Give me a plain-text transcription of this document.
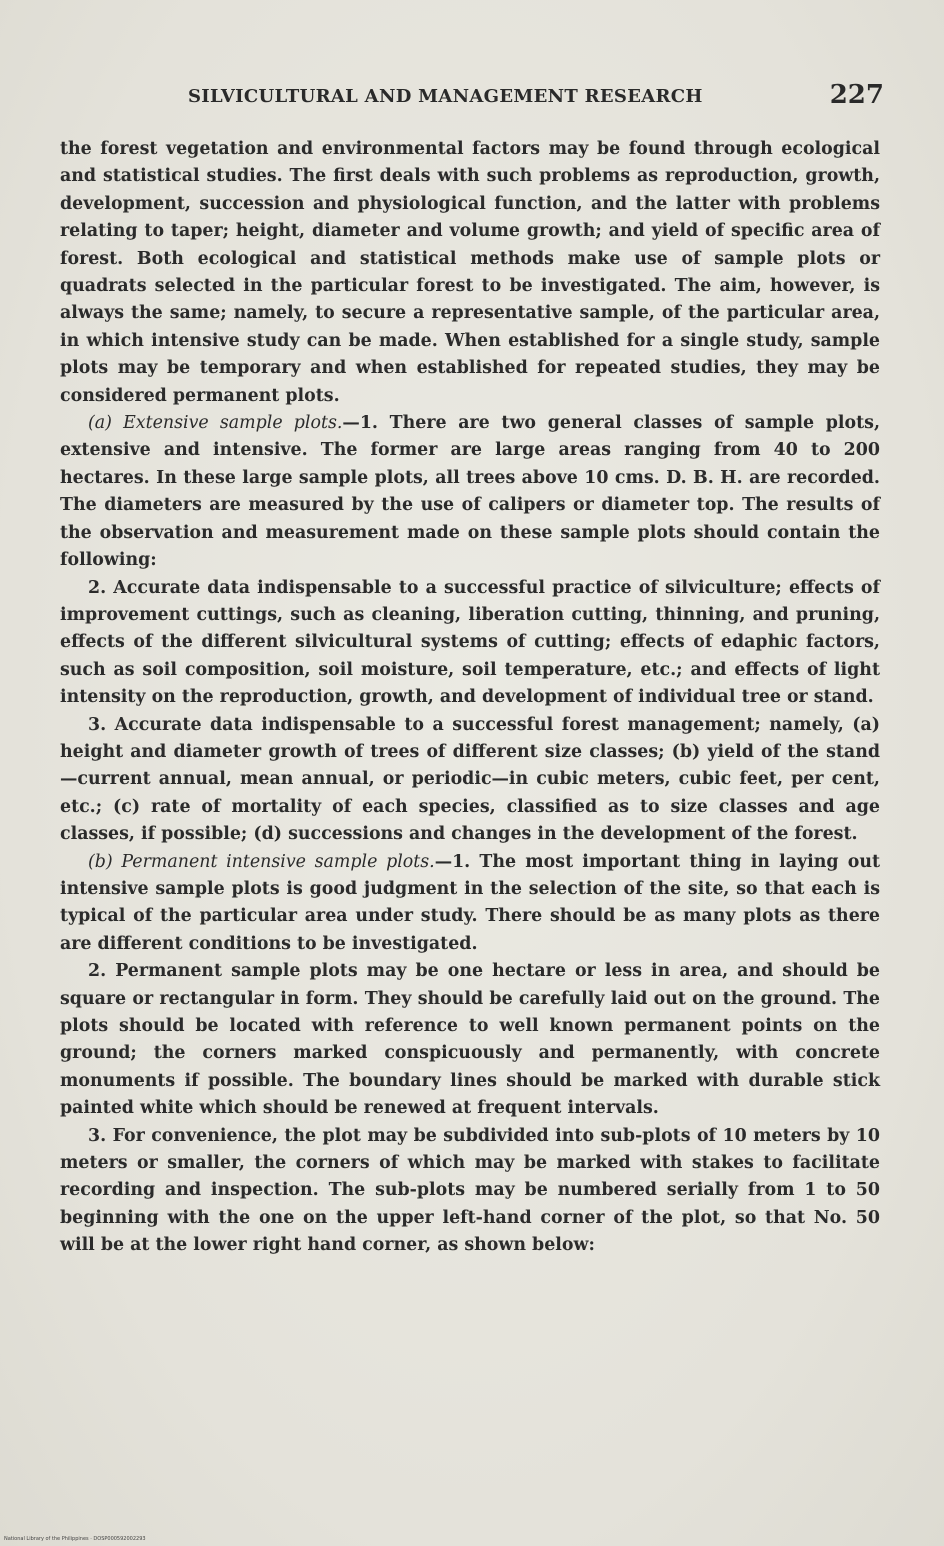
SILVICULTURAL AND MANAGEMENT RESEARCH	227

the forest vegetation and environmental factors may be found through ecological and statistical studies. The first deals with such problems as reproduction, growth, development, succession and physiological function, and the latter with problems relating to taper; height, diameter and volume growth; and yield of specific area of forest. Both ecological and statistical methods make use of sample plots or quadrats selected in the particular forest to be investigated. The aim, however, is always the same; namely, to secure a representative sample, of the particular area, in which intensive study can be made. When established for a single study, sample plots may be temporary and when established for repeated studies, they may be considered permanent plots.

(a) Extensive sample plots.—1. There are two general classes of sample plots, extensive and intensive. The former are large areas ranging from 40 to 200 hectares. In these large sample plots, all trees above 10 cms. D. B. H. are recorded. The diameters are measured by the use of calipers or diameter top. The results of the observation and measurement made on these sample plots should contain the following:

2. Accurate data indispensable to a successful practice of silviculture; effects of improvement cuttings, such as cleaning, liberation cutting, thinning, and pruning, effects of the different silvicultural systems of cutting; effects of edaphic factors, such as soil composition, soil moisture, soil temperature, etc.; and effects of light intensity on the reproduction, growth, and development of individual tree or stand.

3. Accurate data indispensable to a successful forest management; namely, (a) height and diameter growth of trees of different size classes; (b) yield of the stand—current annual, mean annual, or periodic—in cubic meters, cubic feet, per cent, etc.; (c) rate of mortality of each species, classified as to size classes and age classes, if possible; (d) successions and changes in the development of the forest.

(b) Permanent intensive sample plots.—1. The most important thing in laying out intensive sample plots is good judgment in the selection of the site, so that each is typical of the particular area under study. There should be as many plots as there are different conditions to be investigated.

2. Permanent sample plots may be one hectare or less in area, and should be square or rectangular in form. They should be carefully laid out on the ground. The plots should be located with reference to well known permanent points on the ground; the corners marked conspicuously and permanently, with concrete monuments if possible. The boundary lines should be marked with durable stick painted white which should be renewed at frequent intervals.

3. For convenience, the plot may be subdivided into sub-plots of 10 meters by 10 meters or smaller, the corners of which may be marked with stakes to facilitate recording and inspection. The sub-plots may be numbered serially from 1 to 50 beginning with the one on the upper left-hand corner of the plot, so that No. 50 will be at the lower right hand corner, as shown below:

National Library of the Philippines · DOSP000592002293
